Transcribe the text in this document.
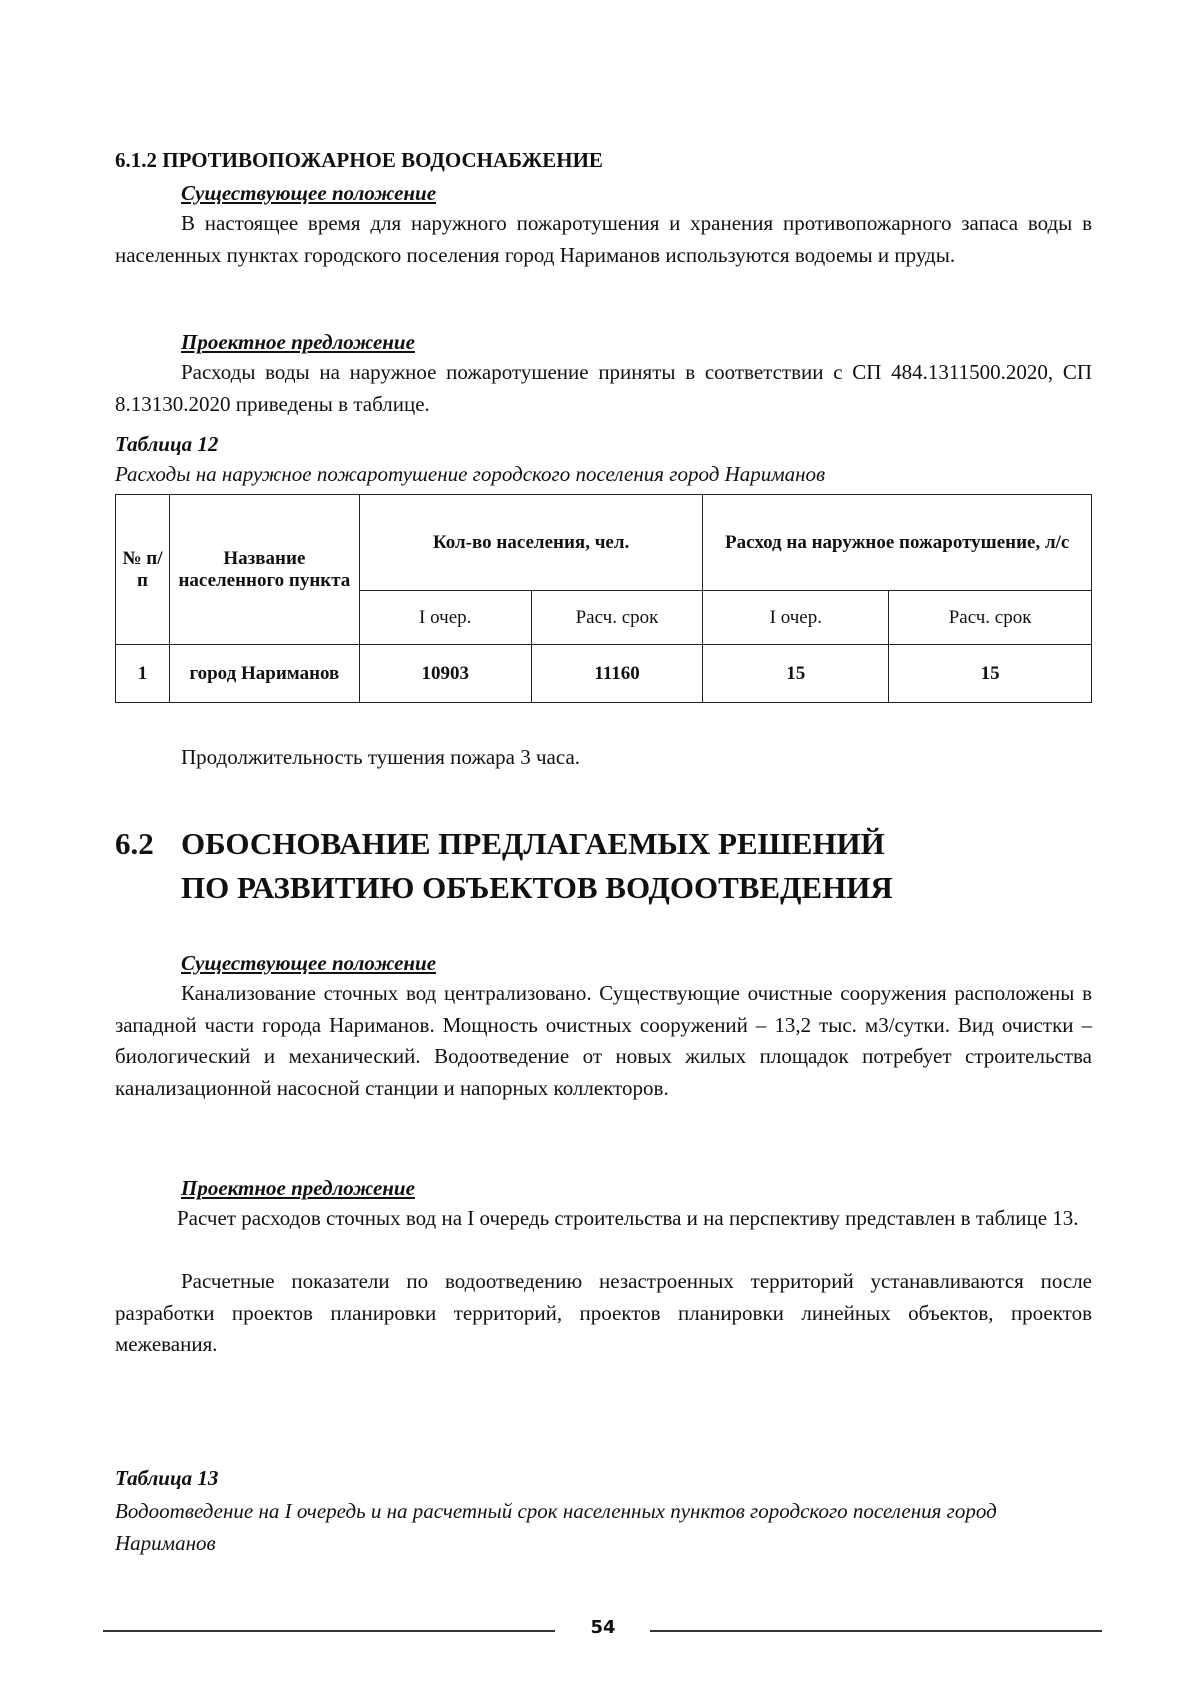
6.1.2 ПРОТИВОПОЖАРНОЕ ВОДОСНАБЖЕНИЕ
Существующее положение

В настоящее время для наружного пожаротушения и хранения противопожарного запаса воды в населенных пунктах городского поселения город Нариманов используются водоемы и пруды.

Проектное предложение

Расходы воды на наружное пожаротушение приняты в соответствии с СП 484.1311500.2020, СП 8.13130.2020 приведены в таблице.

Таблица 12
Расходы на наружное пожаротушение городского поселения город Нариманов
№ п/п	Название населенного пункта	Кол-во населения, чел.		Расход на наружное пожаротушение, л/с	
		I очер.	Расч. срок	I очер.	Расч. срок
1	город Нариманов	10903	11160	15	15

Продолжительность тушения пожара 3 часа.

6.2 ОБОСНОВАНИЕ ПРЕДЛАГАЕМЫХ РЕШЕНИЙ
ПО РАЗВИТИЮ ОБЪЕКТОВ ВОДООТВЕДЕНИЯ
Существующее положение

Канализование сточных вод централизовано. Существующие очистные сооружения расположены в западной части города Нариманов. Мощность очистных сооружений – 13,2 тыс. м3/сутки. Вид очистки – биологический и механический. Водоотведение от новых жилых площадок потребует строительства канализационной насосной станции и напорных коллекторов.

Проектное предложение

Расчет расходов сточных вод на I очередь строительства и на перспективу представлен в таблице 13.

Расчетные показатели по водоотведению незастроенных территорий устанавливаются после разработки проектов планировки территорий, проектов планировки линейных объектов, проектов межевания.

Таблица 13
Водоотведение на I очередь и на расчетный срок населенных пунктов городского поселения город Нариманов
54
